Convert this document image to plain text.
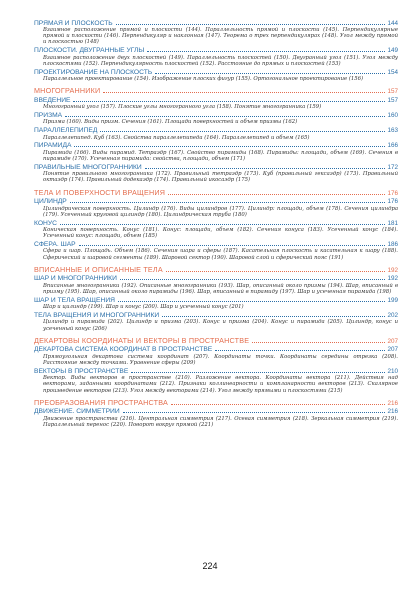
ПРЯМАЯ И ПЛОСКОСТЬ	144
Взаимное расположение прямой и плоскости (144). Параллельность прямой и плоскости (145). Перпендикулярные прямой и плоскости (146). Перпендикуляр и наклонная (147). Теорема о трех перпендикулярах (148). Угол между прямой и плоскостью (148)
ПЛОСКОСТИ. ДВУГРАННЫЕ УГЛЫ	149
Взаимное расположение двух плоскостей (149). Параллельность плоскостей (150). Двугранный угол (151). Угол между плоскостями (152). Перпендикулярность плоскостей (152). Расстояние до прямых и плоскостей (153)
ПРОЕКТИРОВАНИЕ НА ПЛОСКОСТЬ	154
Параллельное проектирование (154). Изображение плоских фигур (155). Ортогональное проектирование (156)
МНОГОГРАННИКИ	157
ВВЕДЕНИЕ	157
Многогранный угол (157). Плоские углы многогранного угла (158). Понятие многогранника (159)
ПРИЗМА	160
Призма (160). Виды призм. Сечения (161). Площади поверхностей и объем призмы (162)
ПАРАЛЛЕЛЕПИПЕД	163
Параллелепипед. Куб (163). Свойства параллелепипеда (164). Параллелепипед и объем (165)
ПИРАМИДА	166
Пирамида (166). Виды пирамид. Тетраэдр (167). Свойство пирамиды (168). Пирамиды: площади, объем (169). Сечения в пирамиде (170). Усеченная пирамида: свойства, площади, объем (171)
ПРАВИЛЬНЫЕ МНОГОГРАННИКИ	172
Понятие правильного многогранника (172). Правильный тетраэдр (173). Куб (правильный гексаэдр) (173). Правильный октаэдр (174). Правильный додекаэдр (174). Правильный икосаэдр (175)
ТЕЛА И ПОВЕРХНОСТИ ВРАЩЕНИЯ	176
ЦИЛИНДР	176
Цилиндрическая поверхность. Цилиндр (176). Виды цилиндров (177). Цилиндр: площади, объем (178). Сечения цилиндра (179). Усеченный круговой цилиндр (180). Цилиндрическая труба (180)
КОНУС	181
Коническая поверхность. Конус (181). Конус: площади, объем (182). Сечения конуса (183). Усеченный конус (184). Усеченный конус: площади, объем (185)
СФЕРА. ШАР	186
Сфера и шар. Площадь. Объем (186). Сечения шара и сферы (187). Касательная плоскость и касательная к шару (188). Сферический и шаровой сегменты (189). Шаровой сектор (190). Шаровой слой и сферический пояс (191)
ВПИСАННЫЕ И ОПИСАННЫЕ ТЕЛА	192
ШАР И МНОГОГРАННИКИ	192
Вписанные многогранники (192). Описанные многогранники (193). Шар, описанный около призмы (194). Шар, вписанный в призму (195). Шар, описанный около пирамиды (196). Шар, вписанный в пирамиду (197). Шар и усеченная пирамида (198)
ШАР И ТЕЛА ВРАЩЕНИЯ	199
Шар и цилиндр (199). Шар и конус (200). Шар и усеченный конус (201)
ТЕЛА ВРАЩЕНИЯ И МНОГОГРАННИКИ	202
Цилиндр и пирамида (202). Цилиндр и призма (203). Конус и призма (204). Конус и пирамида (205). Цилиндр, конус и усеченный конус (206)
ДЕКАРТОВЫ КООРДИНАТЫ И ВЕКТОРЫ В ПРОСТРАНСТВЕ	207
ДЕКАРТОВА СИСТЕМА КООРДИНАТ В ПРОСТРАНСТВЕ	207
Прямоугольная декартова система координат (207). Координаты точки. Координаты середины отрезка (208). Расстояние между точками. Уравнение сферы (209)
ВЕКТОРЫ В ПРОСТРАНСТВЕ	210
Вектор. Виды векторов в пространстве (210). Разложение вектора. Координаты вектора (211). Действия над векторами, заданными координатами (212). Признаки коллинеарности и компланарности векторов (213). Скалярное произведение векторов (213). Угол между векторами (214). Угол между прямыми и плоскостями (215)
ПРЕОБРАЗОВАНИЯ ПРОСТРАНСТВА	216
ДВИЖЕНИЕ. СИММЕТРИИ	216
Движение пространства (216). Центральная симметрия (217). Осевая симметрия (218). Зеркальная симметрия (219). Параллельный перенос (220). Поворот вокруг прямой (221)
224
